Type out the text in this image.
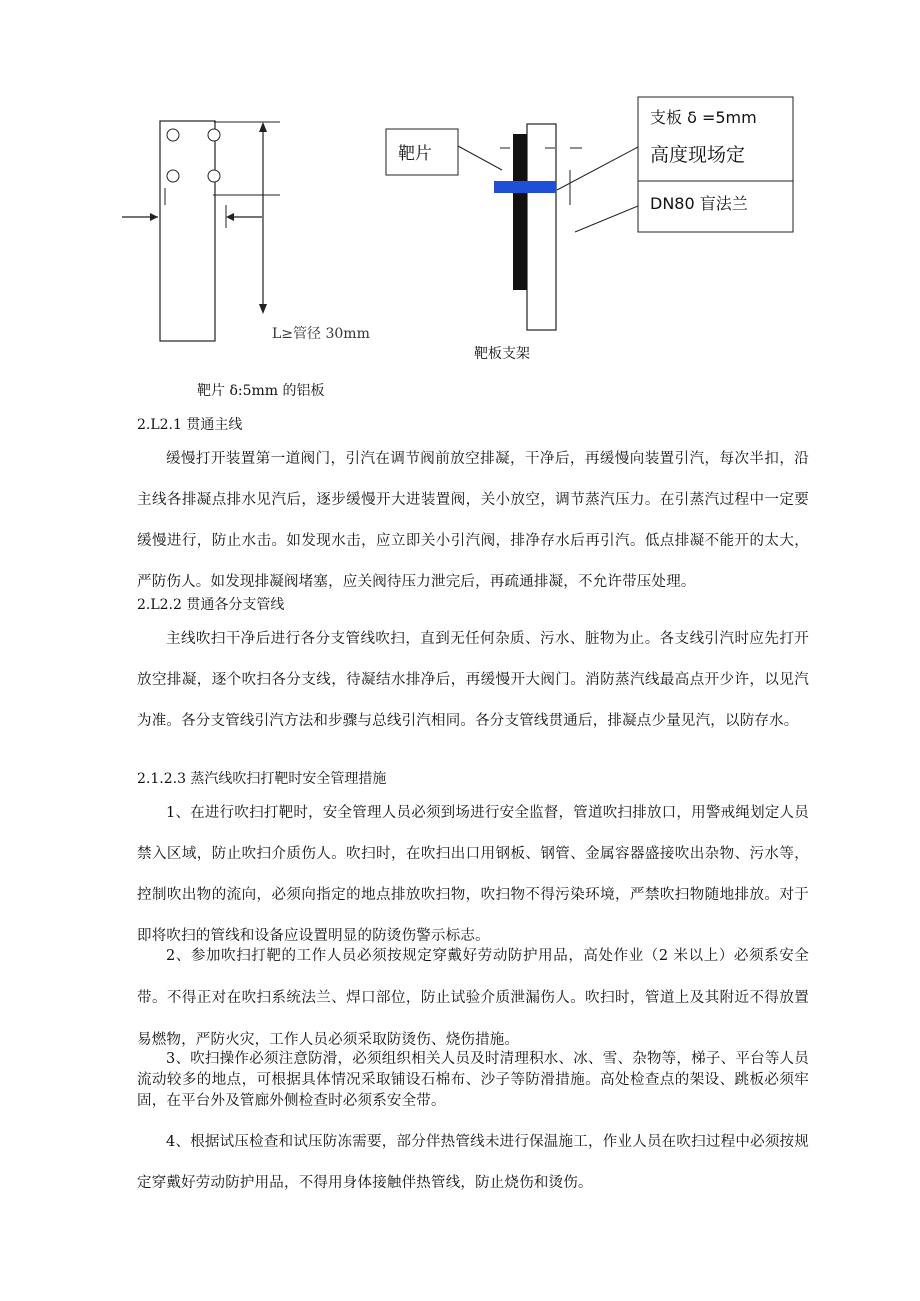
L≥管径 30mm
靶片
支板 δ =5mm
高度现场定
DN80 盲法兰
靶板支架
靶片 δ:5mm 的铝板
2.L2.1 贯通主线
缓慢打开装置第一道阀门，引汽在调节阀前放空排凝，干净后，再缓慢向装置引汽，每次半扣，沿主线各排凝点排水见汽后，逐步缓慢开大进装置阀，关小放空，调节蒸汽压力。在引蒸汽过程中一定要缓慢进行，防止水击。如发现水击，应立即关小引汽阀，排净存水后再引汽。低点排凝不能开的太大，严防伤人。如发现排凝阀堵塞，应关阀待压力泄完后，再疏通排凝，不允许带压处理。
2.L2.2 贯通各分支管线
主线吹扫干净后进行各分支管线吹扫，直到无任何杂质、污水、脏物为止。各支线引汽时应先打开放空排凝，逐个吹扫各分支线，待凝结水排净后，再缓慢开大阀门。消防蒸汽线最高点开少许，以见汽为准。各分支管线引汽方法和步骤与总线引汽相同。各分支管线贯通后，排凝点少量见汽，以防存水。
2.1.2.3 蒸汽线吹扫打靶时安全管理措施
1、在进行吹扫打靶时，安全管理人员必须到场进行安全监督，管道吹扫排放口，用警戒绳划定人员禁入区域，防止吹扫介质伤人。吹扫时，在吹扫出口用钢板、钢管、金属容器盛接吹出杂物、污水等，控制吹出物的流向，必须向指定的地点排放吹扫物，吹扫物不得污染环境，严禁吹扫物随地排放。对于即将吹扫的管线和设备应设置明显的防烫伤警示标志。
2、参加吹扫打靶的工作人员必须按规定穿戴好劳动防护用品，高处作业（2 米以上）必须系安全带。不得正对在吹扫系统法兰、焊口部位，防止试验介质泄漏伤人。吹扫时，管道上及其附近不得放置易燃物，严防火灾，工作人员必须采取防烫伤、烧伤措施。
3、吹扫操作必须注意防滑，必须组织相关人员及时清理积水、冰、雪、杂物等，梯子、平台等人员流动较多的地点，可根据具体情况采取铺设石棉布、沙子等防滑措施。高处检查点的架设、跳板必须牢固，在平台外及管廊外侧检查时必须系安全带。
4、根据试压检查和试压防冻需要，部分伴热管线未进行保温施工，作业人员在吹扫过程中必须按规定穿戴好劳动防护用品，不得用身体接触伴热管线，防止烧伤和烫伤。
